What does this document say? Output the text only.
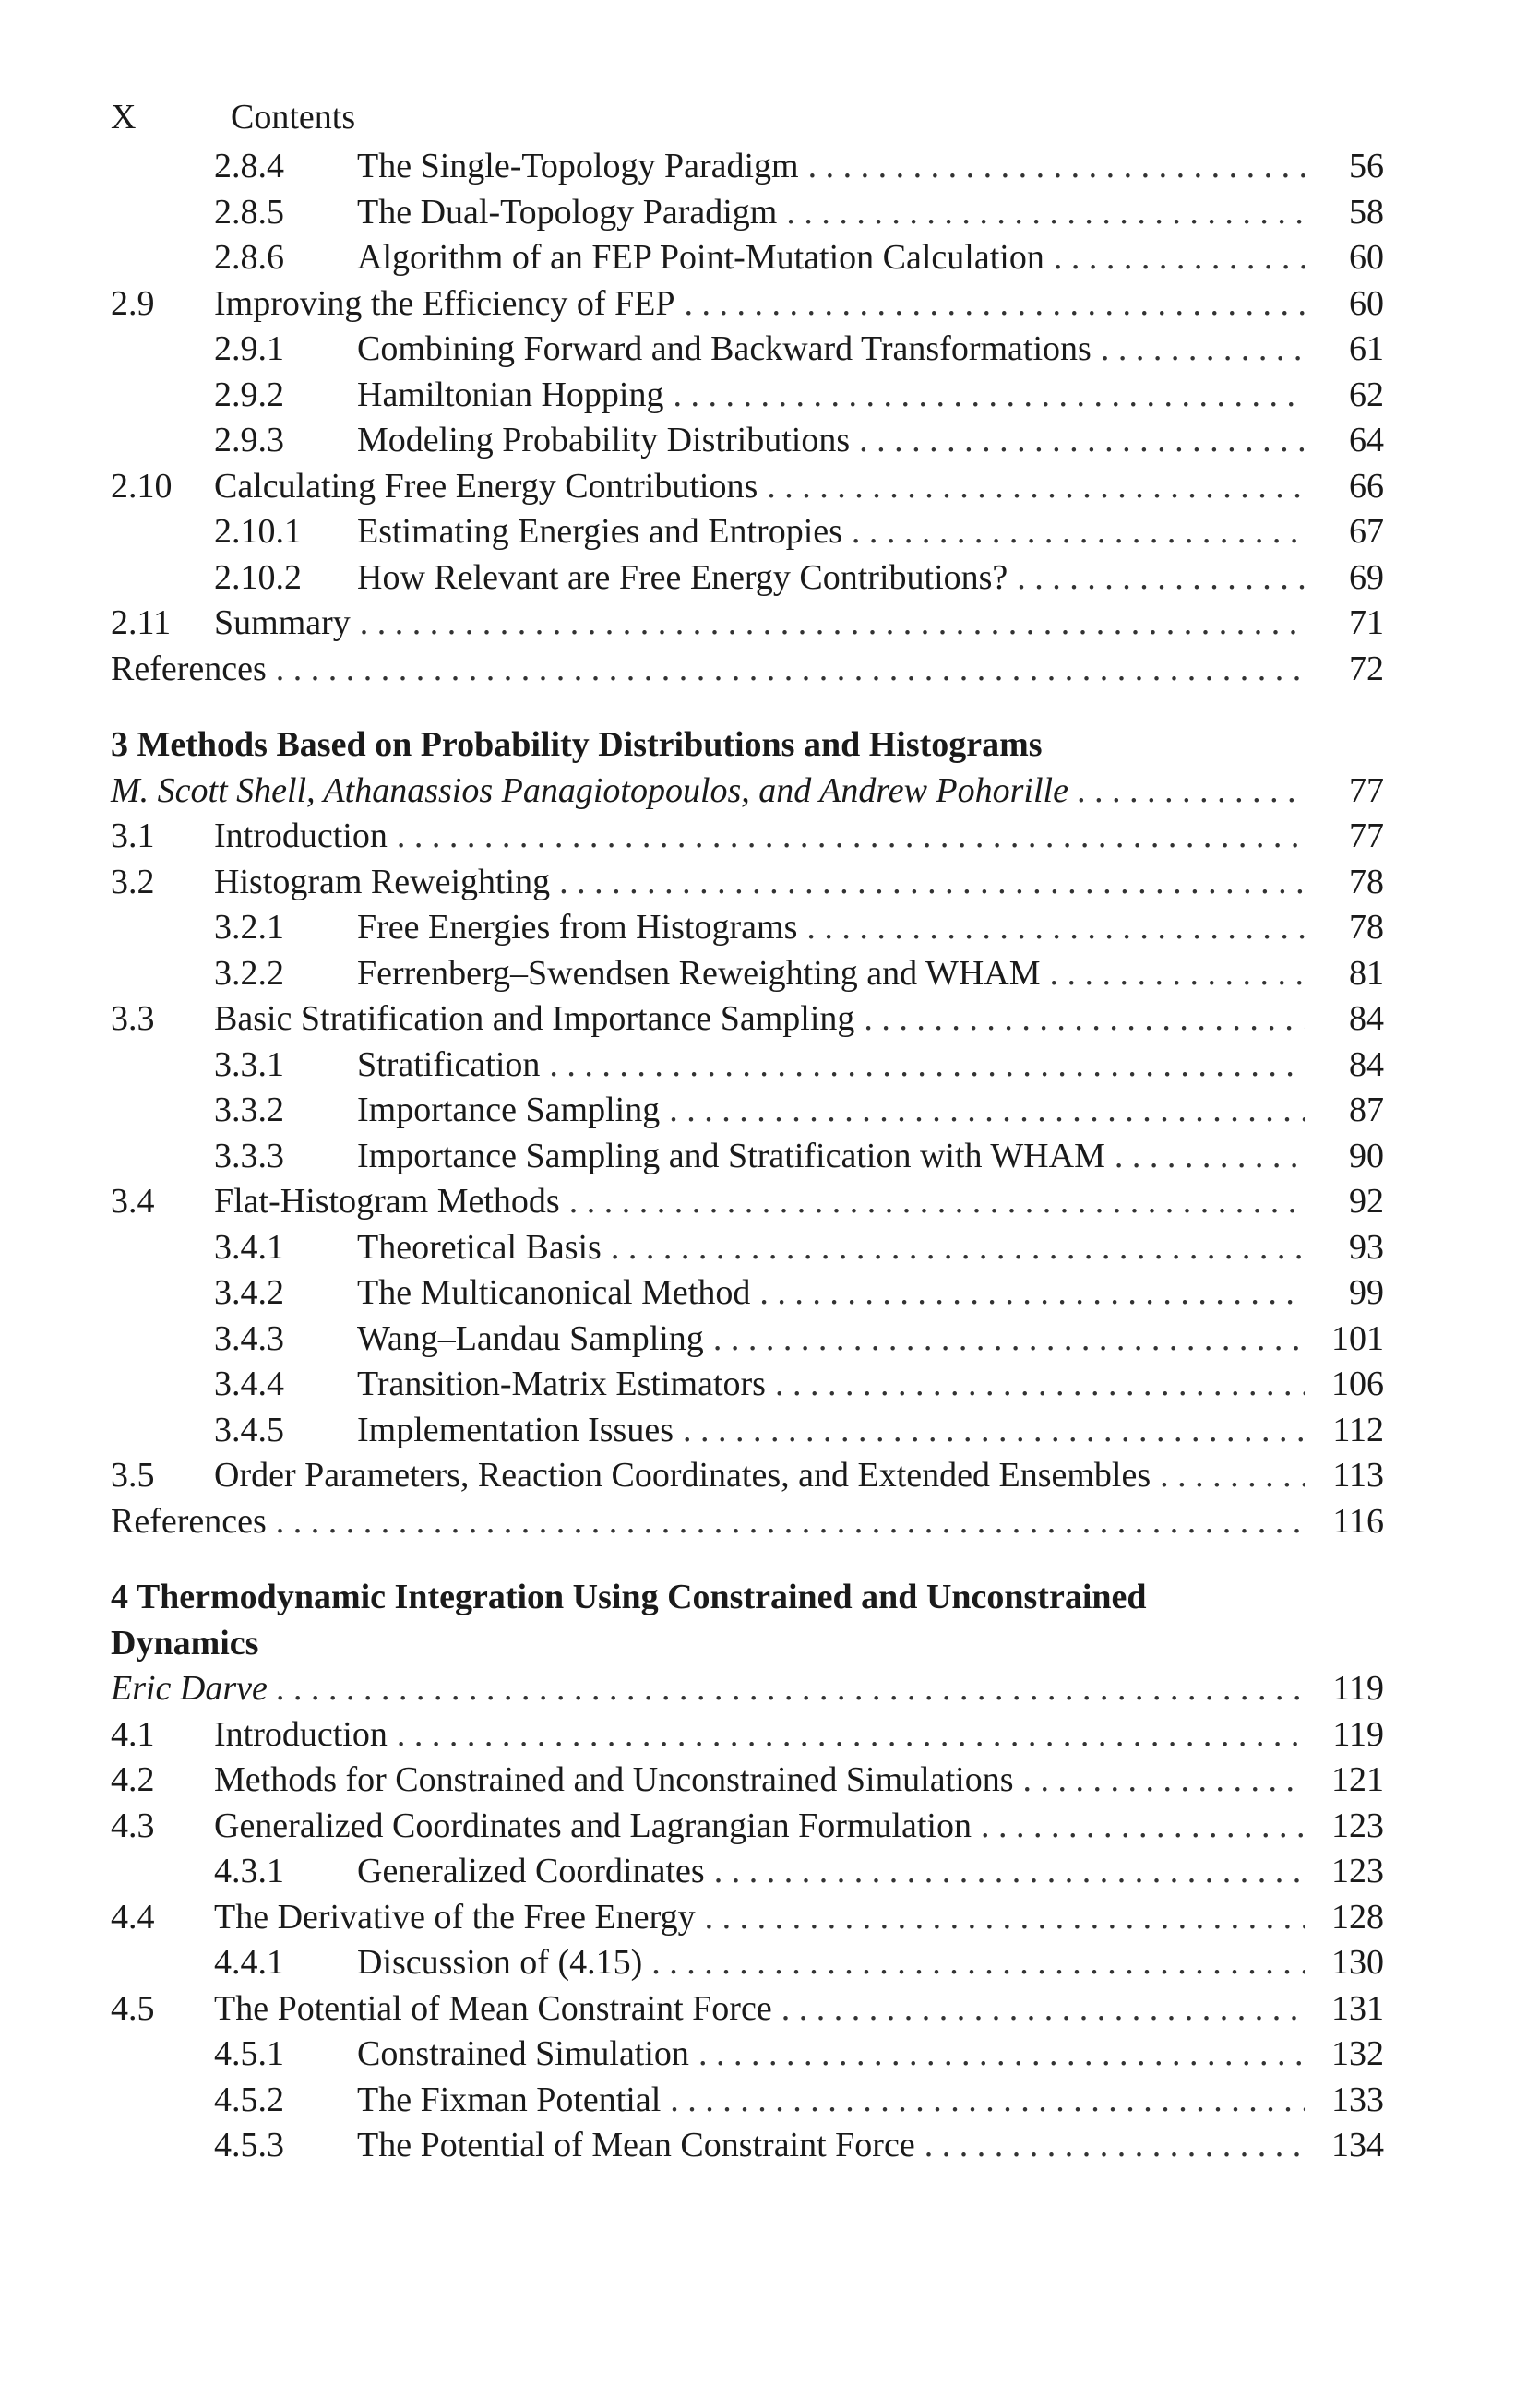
X	Contents
2.8.4	The Single-Topology Paradigm . . .	56
2.8.5	The Dual-Topology Paradigm . . .	58
2.8.6	Algorithm of an FEP Point-Mutation Calculation . . .	60
2.9	Improving the Efficiency of FEP . . .	60
2.9.1	Combining Forward and Backward Transformations . . .	61
2.9.2	Hamiltonian Hopping . . .	62
2.9.3	Modeling Probability Distributions . . .	64
2.10	Calculating Free Energy Contributions . . .	66
2.10.1	Estimating Energies and Entropies . . .	67
2.10.2	How Relevant are Free Energy Contributions? . . .	69
2.11	Summary . . .	71
References . . .	72
3 Methods Based on Probability Distributions and Histograms
M. Scott Shell, Athanassios Panagiotopoulos, and Andrew Pohorille . . .	77
3.1	Introduction . . .	77
3.2	Histogram Reweighting . . .	78
3.2.1	Free Energies from Histograms . . .	78
3.2.2	Ferrenberg–Swendsen Reweighting and WHAM . . .	81
3.3	Basic Stratification and Importance Sampling . . .	84
3.3.1	Stratification . . .	84
3.3.2	Importance Sampling . . .	87
3.3.3	Importance Sampling and Stratification with WHAM . . .	90
3.4	Flat-Histogram Methods . . .	92
3.4.1	Theoretical Basis . . .	93
3.4.2	The Multicanonical Method . . .	99
3.4.3	Wang–Landau Sampling . . .	101
3.4.4	Transition-Matrix Estimators . . .	106
3.4.5	Implementation Issues . . .	112
3.5	Order Parameters, Reaction Coordinates, and Extended Ensembles . . .	113
References . . .	116
4 Thermodynamic Integration Using Constrained and Unconstrained
Dynamics
Eric Darve . . .	119
4.1	Introduction . . .	119
4.2	Methods for Constrained and Unconstrained Simulations . . .	121
4.3	Generalized Coordinates and Lagrangian Formulation . . .	123
4.3.1	Generalized Coordinates . . .	123
4.4	The Derivative of the Free Energy . . .	128
4.4.1	Discussion of (4.15) . . .	130
4.5	The Potential of Mean Constraint Force . . .	131
4.5.1	Constrained Simulation . . .	132
4.5.2	The Fixman Potential . . .	133
4.5.3	The Potential of Mean Constraint Force . . .	134
